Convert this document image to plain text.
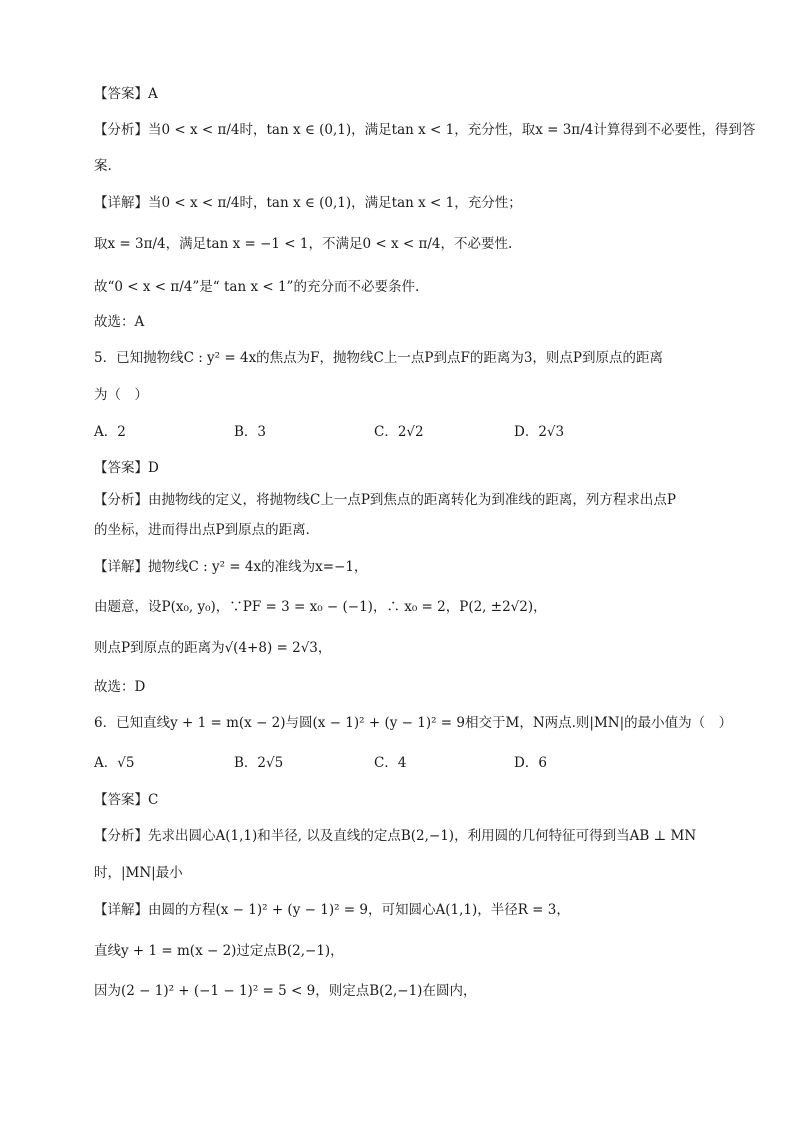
【答案】A
【分析】当0 < x < π/4时，tan x ∈ (0,1)，满足tan x < 1，充分性，取x = 3π/4计算得到不必要性，得到答
案.
【详解】当0 < x < π/4时，tan x ∈ (0,1)，满足tan x < 1，充分性；
取x = 3π/4，满足tan x = −1 < 1，不满足0 < x < π/4，不必要性.
故“0 < x < π/4”是“ tan x < 1”的充分而不必要条件.
故选：A
5．已知抛物线C : y² = 4x的焦点为F，抛物线C上一点P到点F的距离为3，则点P到原点的距离
为（　）
A．2	B．3	C．2√2	D．2√3
【答案】D
【分析】由抛物线的定义，将抛物线C上一点P到焦点的距离转化为到准线的距离，列方程求出点P
的坐标，进而得出点P到原点的距离．
【详解】抛物线C : y² = 4x的准线为x=−1，
由题意，设P(x₀, y₀)，∵PF = 3 = x₀ − (−1)，∴ x₀ = 2，P(2, ±2√2)，
则点P到原点的距离为√(4+8) = 2√3，
故选：D
6．已知直线y + 1 = m(x − 2)与圆(x − 1)² + (y − 1)² = 9相交于M，N两点.则|MN|的最小值为（　）
A．√5	B．2√5	C．4	D．6
【答案】C
【分析】先求出圆心A(1,1)和半径, 以及直线的定点B(2,−1)，利用圆的几何特征可得到当AB ⊥ MN
时，|MN|最小
【详解】由圆的方程(x − 1)² + (y − 1)² = 9，可知圆心A(1,1)，半径R = 3，
直线y + 1 = m(x − 2)过定点B(2,−1)，
因为(2 − 1)² + (−1 − 1)² = 5 < 9，则定点B(2,−1)在圆内，
